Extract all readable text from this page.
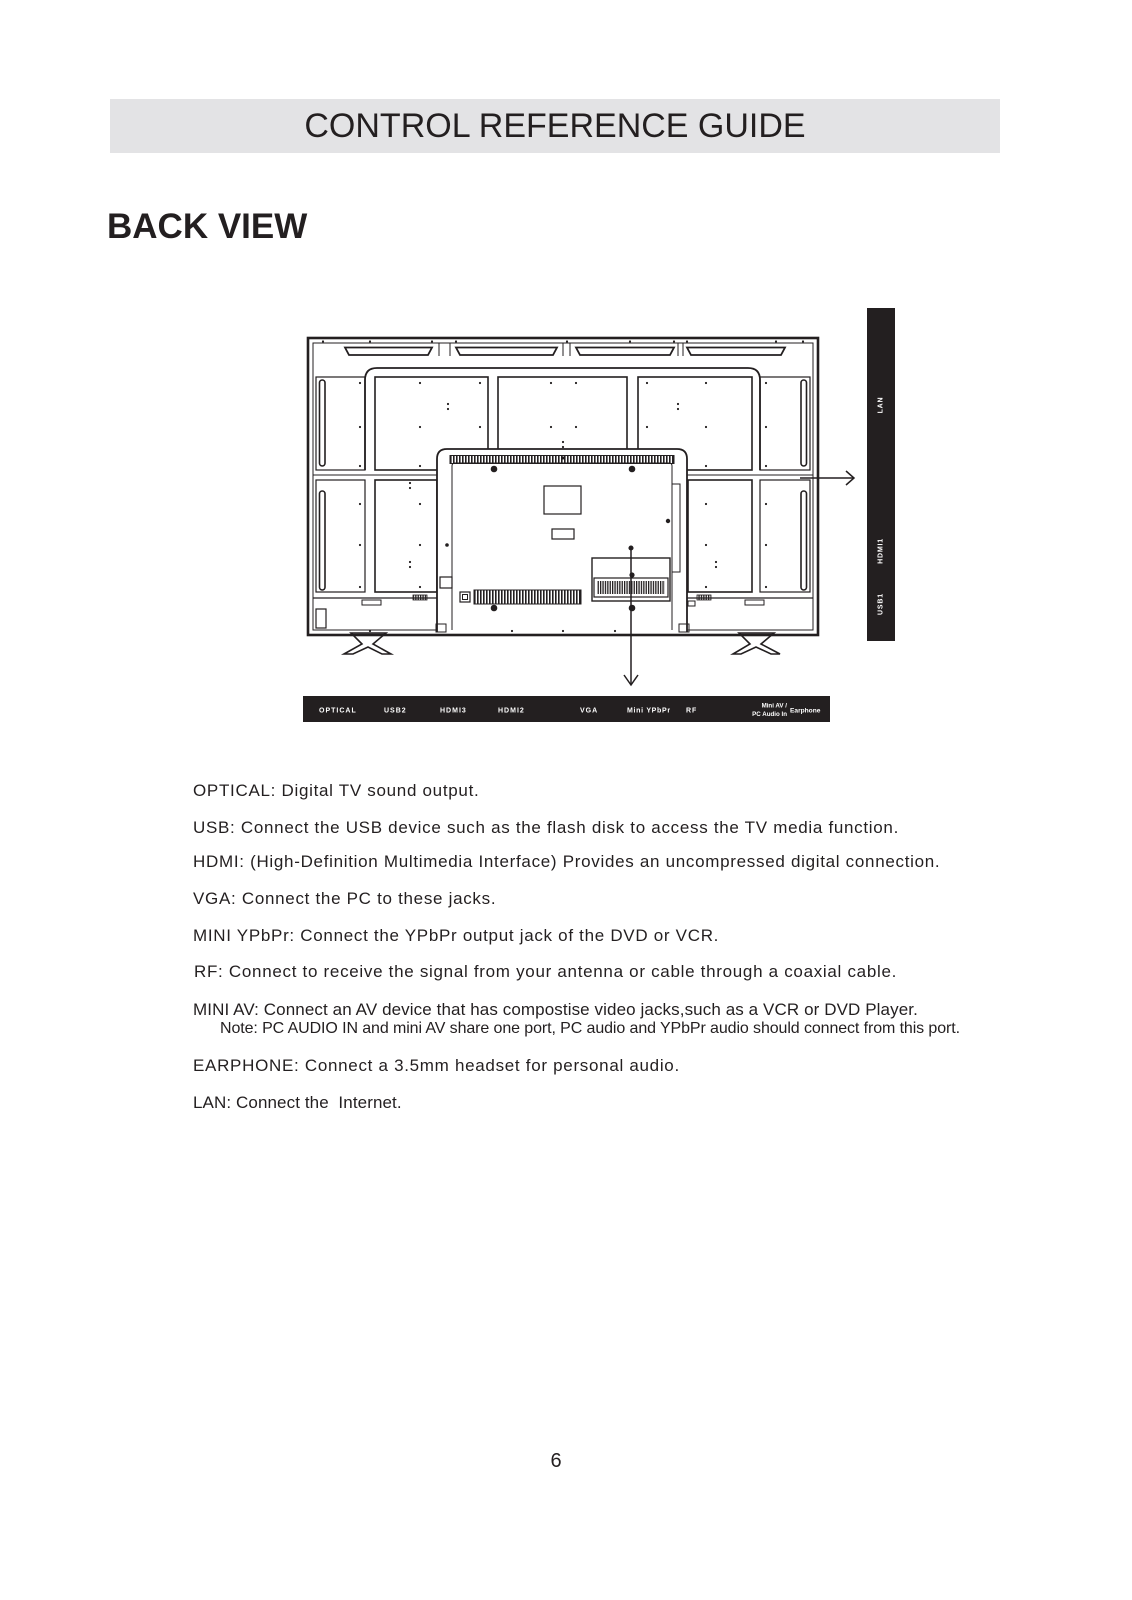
CONTROL REFERENCE GUIDE
BACK VIEW
LAN
HDMI1
USB1
OPTICAL	USB2	HDMI3	HDMI2	VGA	Mini YPbPr RF
Mini AV /
PC Audio In Earphone
OPTICAL: Digital TV sound output.
USB: Connect the USB device such as the flash disk to access the TV media function.
HDMI: (High-Definition Multimedia Interface) Provides an uncompressed digital connection.
VGA: Connect the PC to these jacks.
MINI YPbPr: Connect the YPbPr output jack of the DVD or VCR.
RF: Connect to receive the signal from your antenna or cable through a coaxial cable.
MINI AV: Connect an AV device that has compostise video jacks,such as a VCR or DVD Player.
Note: PC AUDIO IN and mini AV share one port, PC audio and YPbPr audio should connect from this port.
EARPHONE: Connect a 3.5mm headset for personal audio.
LAN: Connect the  Internet.
6
